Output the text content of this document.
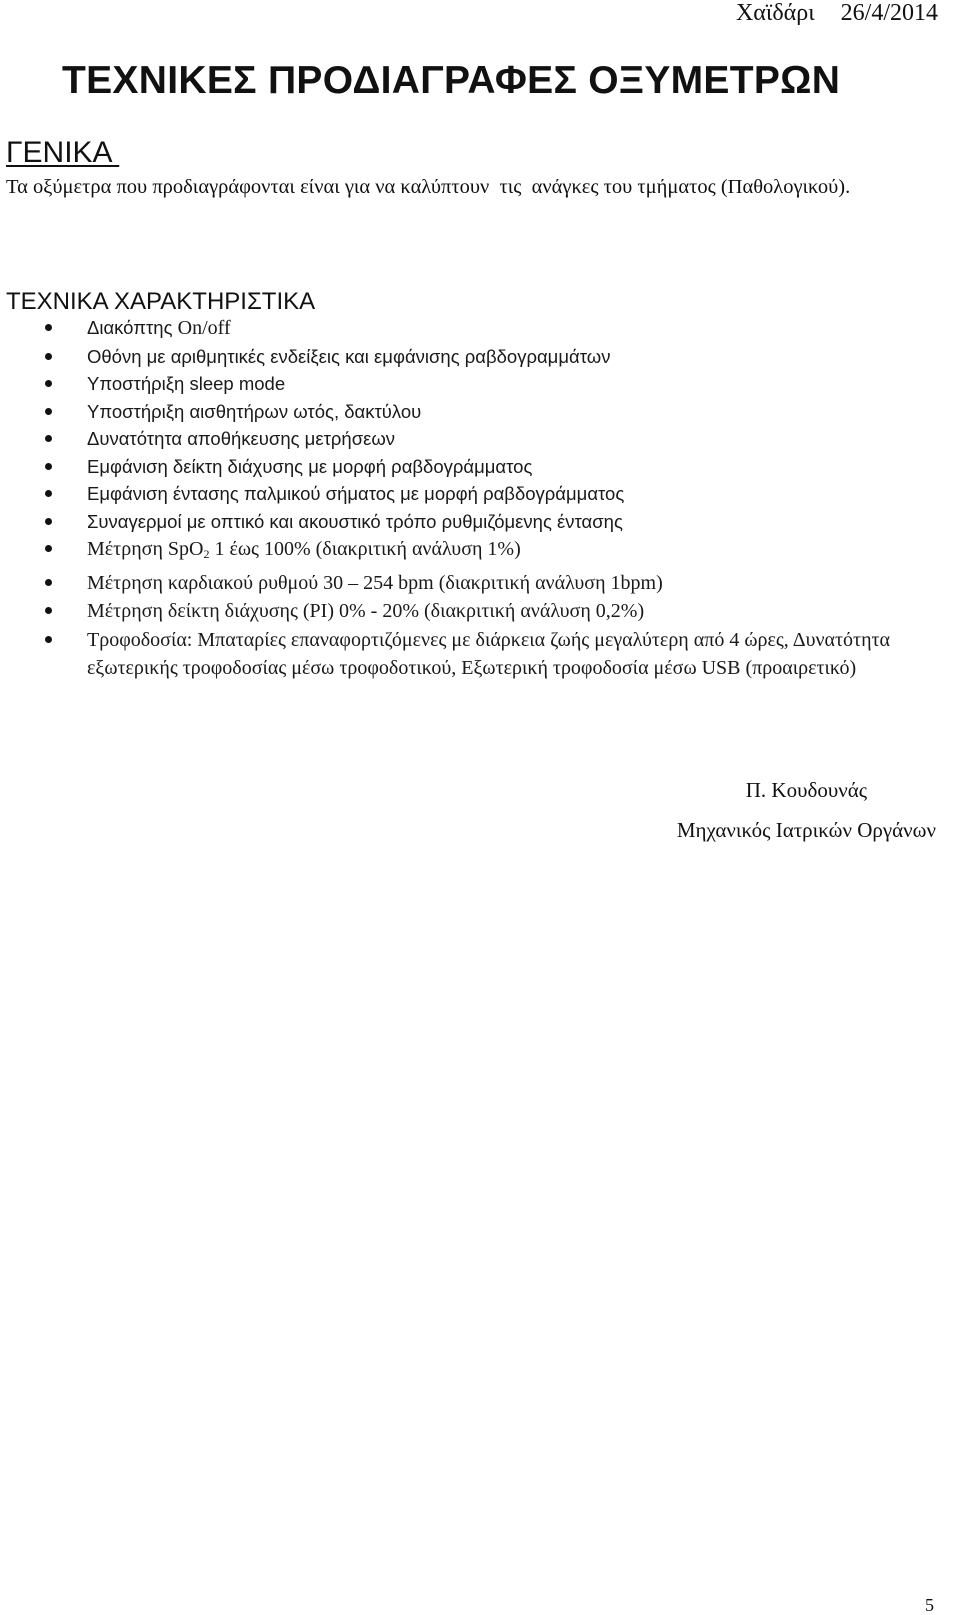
Χαϊδάρι 26/4/2014
ΤΕΧΝΙΚΕΣ ΠΡΟΔΙΑΓΡΑΦΕΣ ΟΞΥΜΕΤΡΩΝ
ΓΕΝΙΚΑ
Τα οξύμετρα που προδιαγράφονται είναι για να καλύπτουν  τις  ανάγκες του τμήματος (Παθολογικού).
ΤΕΧΝΙΚΑ ΧΑΡΑΚΤΗΡΙΣΤΙΚΑ
Διακόπτης On/off
Οθόνη με αριθμητικές ενδείξεις και εμφάνισης ραβδογραμμάτων
Υποστήριξη sleep mode
Υποστήριξη αισθητήρων ωτός, δακτύλου
Δυνατότητα αποθήκευσης μετρήσεων
Εμφάνιση δείκτη διάχυσης με μορφή ραβδογράμματος
Εμφάνιση έντασης παλμικού σήματος με μορφή ραβδογράμματος
Συναγερμοί με οπτικό και ακουστικό τρόπο ρυθμιζόμενης έντασης
Μέτρηση SpO$_2$ 1 έως 100% (διακριτική ανάλυση 1%)
Μέτρηση καρδιακού ρυθμού 30 – 254 bpm (διακριτική ανάλυση 1bpm)
Μέτρηση δείκτη διάχυσης (PI) 0% - 20% (διακριτική ανάλυση 0,2%)
Τροφοδοσία: Μπαταρίες επαναφορτιζόμενες με διάρκεια ζωής μεγαλύτερη από 4 ώρες, Δυνατότητα εξωτερικής τροφοδοσίας μέσω τροφοδοτικού, Εξωτερική τροφοδοσία μέσω USB (προαιρετικό)
Π. Κουδουνάς
Μηχανικός Ιατρικών Οργάνων
5
